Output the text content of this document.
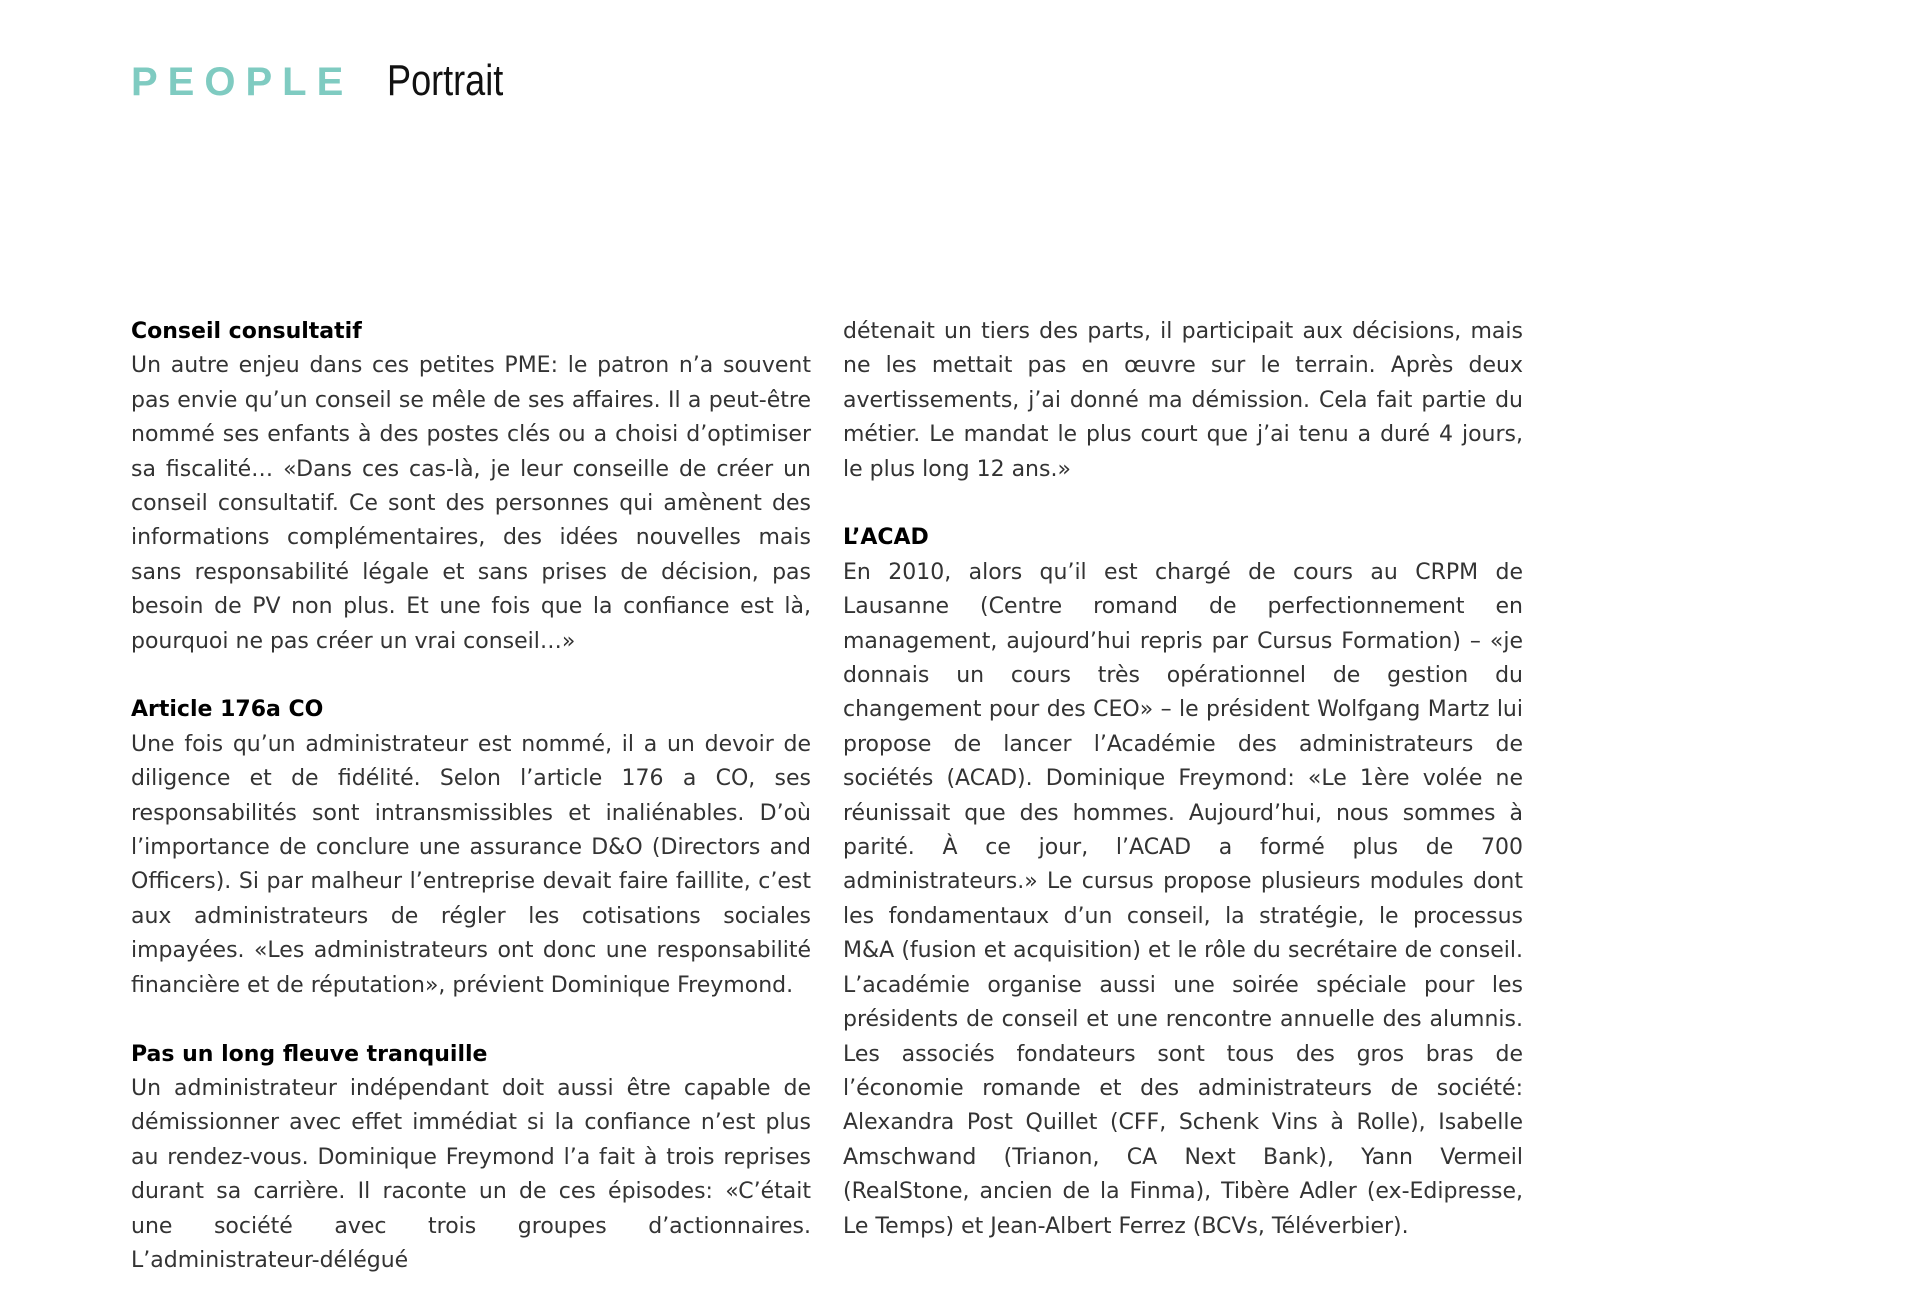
PEOPLE Portrait
Conseil consultatif
Un autre enjeu dans ces petites PME: le patron n’a souvent pas envie qu’un conseil se mêle de ses affaires. Il a peut-être nommé ses enfants à des postes clés ou a choisi d’optimiser sa fiscalité… «Dans ces cas-là, je leur conseille de créer un conseil consultatif. Ce sont des personnes qui amènent des informations complémentaires, des idées nouvelles mais sans responsabilité légale et sans prises de décision, pas besoin de PV non plus. Et une fois que la confiance est là, pourquoi ne pas créer un vrai conseil…»
Article 176a CO
Une fois qu’un administrateur est nommé, il a un devoir de diligence et de fidélité. Selon l’article 176 a CO, ses responsabilités sont intransmissibles et inaliénables. D’où l’importance de conclure une assurance D&O (Directors and Officers). Si par malheur l’entreprise devait faire faillite, c’est aux administrateurs de régler les cotisations sociales impayées. «Les administrateurs ont donc une responsabilité financière et de réputation», prévient Dominique Freymond.
Pas un long fleuve tranquille
Un administrateur indépendant doit aussi être capable de démissionner avec effet immédiat si la confiance n’est plus au rendez-vous. Dominique Freymond l’a fait à trois reprises durant sa carrière. Il raconte un de ces épisodes: «C’était une société avec trois groupes d’actionnaires. L’administrateur-délégué
détenait un tiers des parts, il participait aux décisions, mais ne les mettait pas en œuvre sur le terrain. Après deux avertissements, j’ai donné ma démission. Cela fait partie du métier. Le mandat le plus court que j’ai tenu a duré 4 jours, le plus long 12 ans.»
L’ACAD
En 2010, alors qu’il est chargé de cours au CRPM de Lausanne (Centre romand de perfectionnement en management, aujourd’hui repris par Cursus Formation) – «je donnais un cours très opérationnel de gestion du changement pour des CEO» – le président Wolfgang Martz lui propose de lancer l’Académie des administrateurs de sociétés (ACAD). Dominique Freymond: «Le 1ère volée ne réunissait que des hommes. Aujourd’hui, nous sommes à parité. À ce jour, l’ACAD a formé plus de 700 administrateurs.» Le cursus propose plusieurs modules dont les fondamentaux d’un conseil, la stratégie, le processus M&A (fusion et acquisition) et le rôle du secrétaire de conseil. L’académie organise aussi une soirée spéciale pour les présidents de conseil et une rencontre annuelle des alumnis. Les associés fondateurs sont tous des gros bras de l’économie romande et des administrateurs de société: Alexandra Post Quillet (CFF, Schenk Vins à Rolle), Isabelle Amschwand (Trianon, CA Next Bank), Yann Vermeil (RealStone, ancien de la Finma), Tibère Adler (ex-Edipresse, Le Temps) et Jean-Albert Ferrez (BCVs, Téléverbier).
